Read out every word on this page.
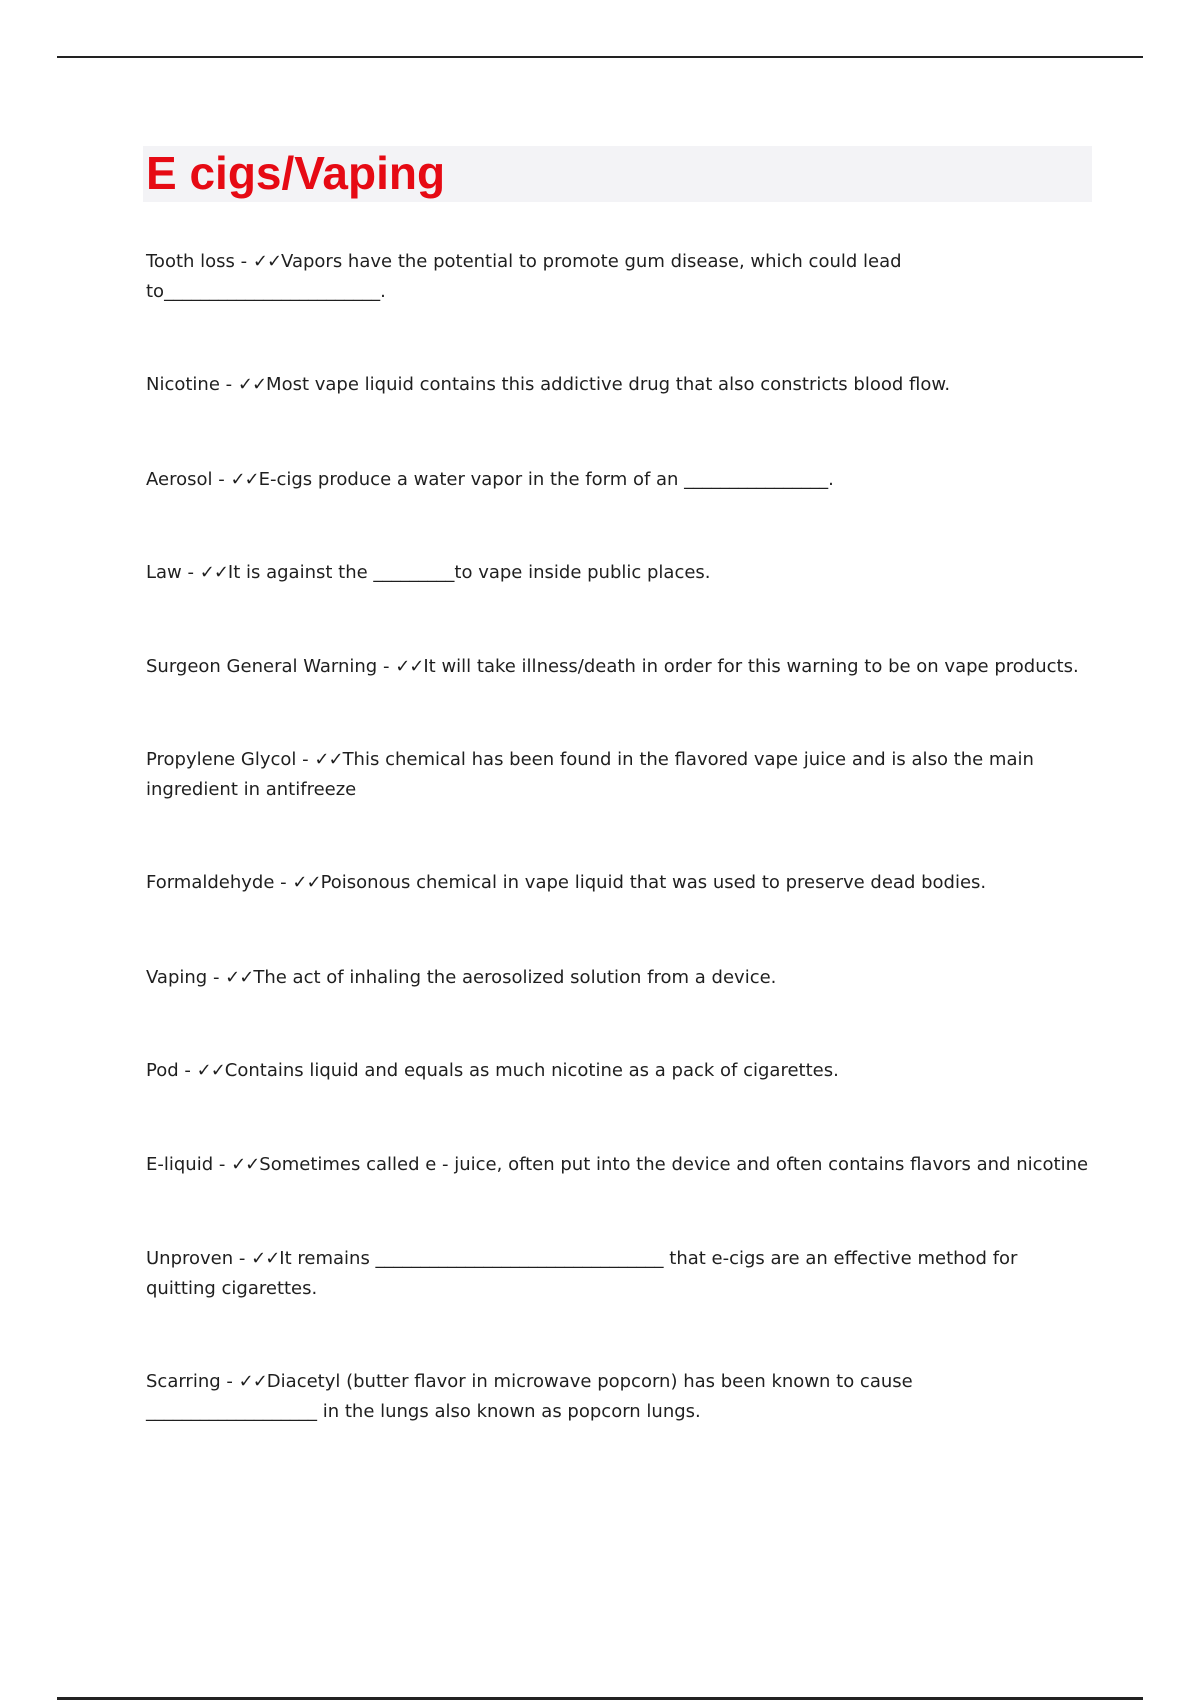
E cigs/Vaping
Tooth loss - ✓✓Vapors have the potential to promote gum disease, which could lead
to________________________.
Nicotine - ✓✓Most vape liquid contains this addictive drug that also constricts blood flow.
Aerosol - ✓✓E-cigs produce a water vapor in the form of an ________________.
Law - ✓✓It is against the _________to vape inside public places.
Surgeon General Warning - ✓✓It will take illness/death in order for this warning to be on vape products.
Propylene Glycol - ✓✓This chemical has been found in the flavored vape juice and is also the main
ingredient in antifreeze
Formaldehyde - ✓✓Poisonous chemical in vape liquid that was used to preserve dead bodies.
Vaping - ✓✓The act of inhaling the aerosolized solution from a device.
Pod - ✓✓Contains liquid and equals as much nicotine as a pack of cigarettes.
E-liquid - ✓✓Sometimes called e - juice, often put into the device and often contains flavors and nicotine
Unproven - ✓✓It remains ________________________________ that e-cigs are an effective method for
quitting cigarettes.
Scarring - ✓✓Diacetyl (butter flavor in microwave popcorn) has been known to cause
___________________ in the lungs also known as popcorn lungs.
